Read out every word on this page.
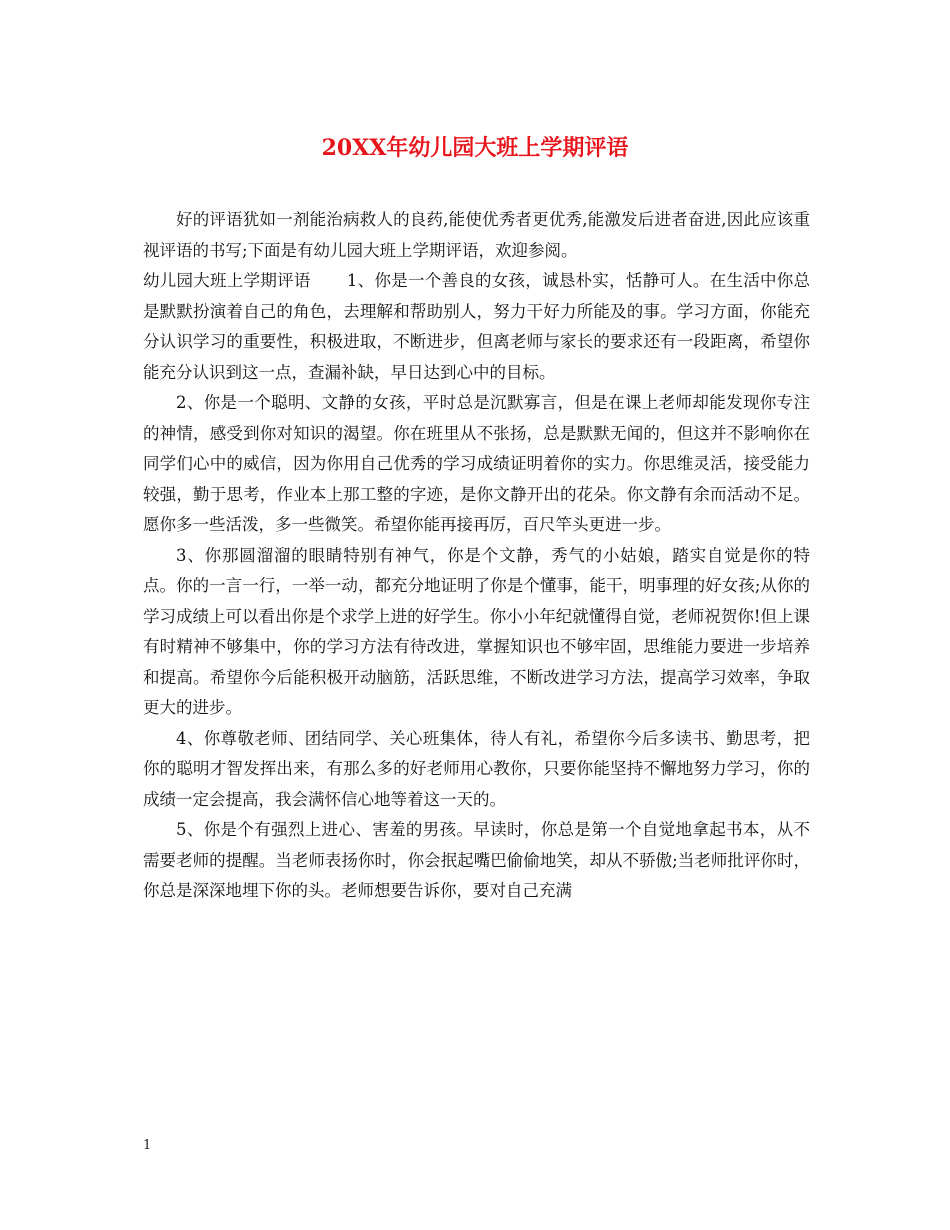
20XX年幼儿园大班上学期评语

好的评语犹如一剂能治病救人的良药,能使优秀者更优秀,能激发后进者奋进,因此应该重视评语的书写;下面是有幼儿园大班上学期评语，欢迎参阅。

幼儿园大班上学期评语 1、你是一个善良的女孩，诚恳朴实，恬静可人。在生活中你总是默默扮演着自己的角色，去理解和帮助别人，努力干好力所能及的事。学习方面，你能充分认识学习的重要性，积极进取，不断进步，但离老师与家长的要求还有一段距离，希望你能充分认识到这一点，查漏补缺，早日达到心中的目标。

2、你是一个聪明、文静的女孩，平时总是沉默寡言，但是在课上老师却能发现你专注的神情，感受到你对知识的渴望。你在班里从不张扬，总是默默无闻的，但这并不影响你在同学们心中的威信，因为你用自己优秀的学习成绩证明着你的实力。你思维灵活，接受能力较强，勤于思考，作业本上那工整的字迹，是你文静开出的花朵。你文静有余而活动不足。愿你多一些活泼，多一些微笑。希望你能再接再厉，百尺竿头更进一步。

3、你那圆溜溜的眼睛特别有神气，你是个文静，秀气的小姑娘，踏实自觉是你的特点。你的一言一行，一举一动，都充分地证明了你是个懂事，能干，明事理的好女孩;从你的学习成绩上可以看出你是个求学上进的好学生。你小小年纪就懂得自觉，老师祝贺你!但上课有时精神不够集中，你的学习方法有待改进，掌握知识也不够牢固，思维能力要进一步培养和提高。希望你今后能积极开动脑筋，活跃思维，不断改进学习方法，提高学习效率，争取更大的进步。

4、你尊敬老师、团结同学、关心班集体，待人有礼，希望你今后多读书、勤思考，把你的聪明才智发挥出来，有那么多的好老师用心教你，只要你能坚持不懈地努力学习，你的成绩一定会提高，我会满怀信心地等着这一天的。

5、你是个有强烈上进心、害羞的男孩。早读时，你总是第一个自觉地拿起书本，从不需要老师的提醒。当老师表扬你时，你会抿起嘴巴偷偷地笑，却从不骄傲;当老师批评你时，你总是深深地埋下你的头。老师想要告诉你，要对自己充满

1
